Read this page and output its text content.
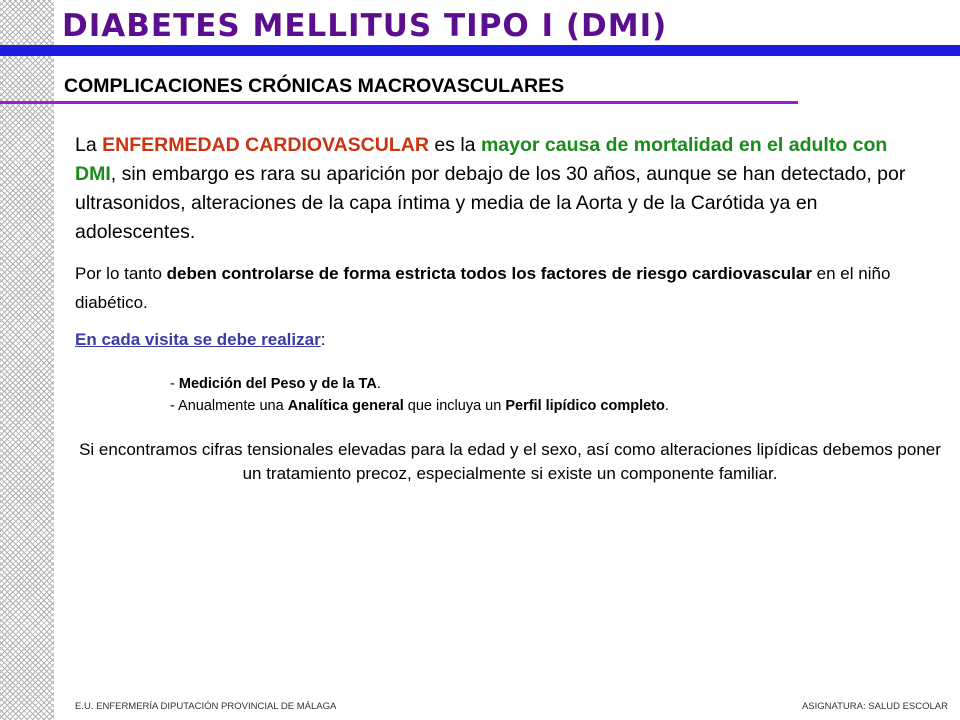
DIABETES MELLITUS TIPO I (DMI)
COMPLICACIONES CRÓNICAS MACROVASCULARES

La ENFERMEDAD CARDIOVASCULAR es la mayor causa de mortalidad en el adulto con DMI, sin embargo es rara su aparición por debajo de los 30 años, aunque se han detectado, por ultrasonidos, alteraciones de la capa íntima y media de la Aorta y de la Carótida ya en adolescentes.

Por lo tanto deben controlarse de forma estricta todos los factores de riesgo cardiovascular en el niño diabético.

En cada visita se debe realizar:

- Medición del Peso y de la TA.
- Anualmente una Analítica general que incluya un Perfil lipídico completo.

Si encontramos cifras tensionales elevadas para la edad y el sexo, así como alteraciones lipídicas debemos poner un tratamiento precoz, especialmente si existe un componente familiar.

E.U. ENFERMERÍA DIPUTACIÓN PROVINCIAL DE MÁLAGA	ASIGNATURA: SALUD ESCOLAR
